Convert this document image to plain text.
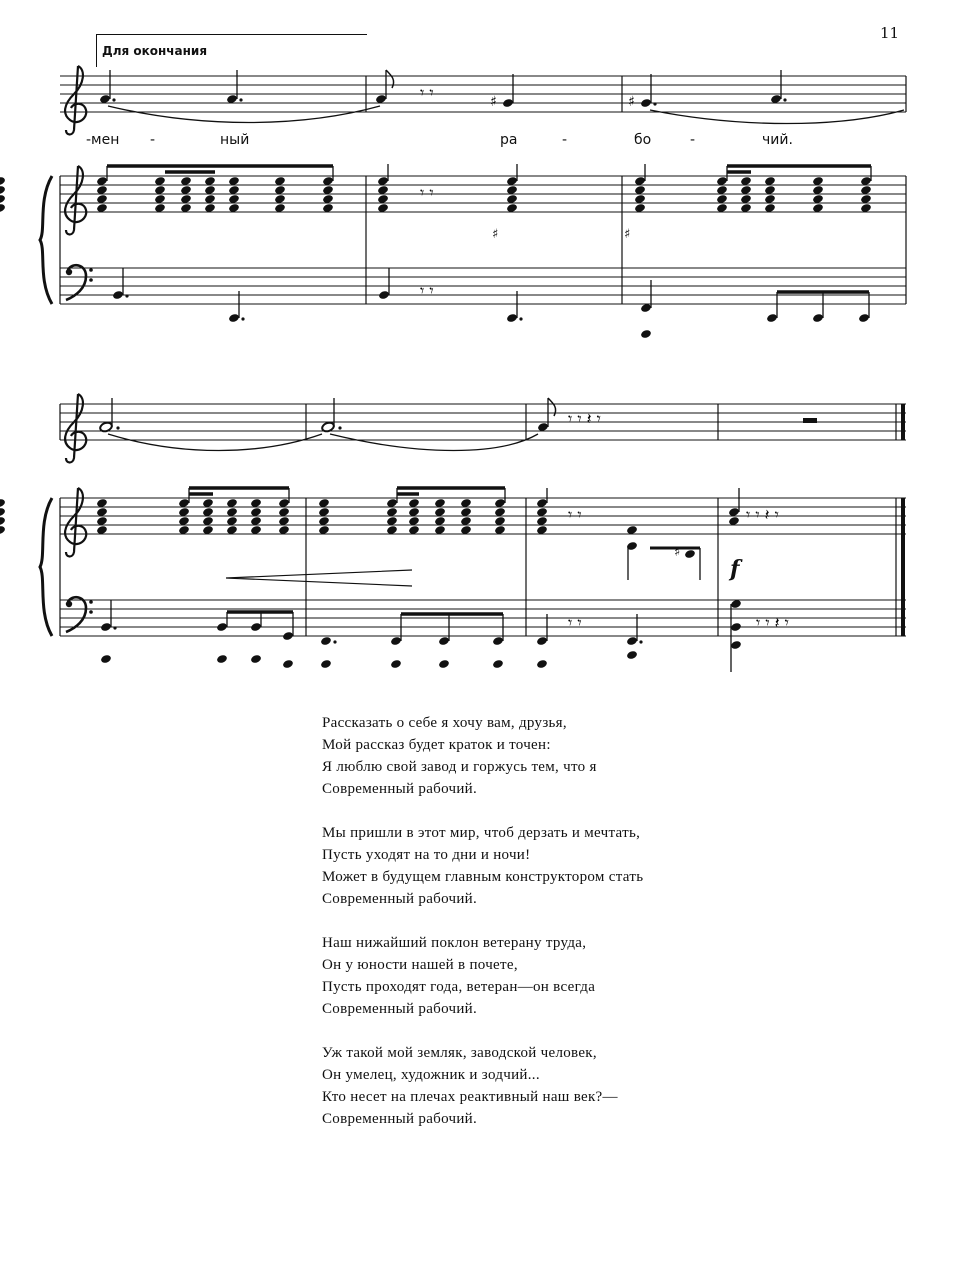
11
Для окончания
𝄾 𝄾	♯	♯
𝄾 𝄾
♯	♯
𝄾 𝄾
𝄾 𝄾 𝄽 𝄾
𝄾 𝄾	𝄾 𝄾 𝄽 𝄾
♯
𝄾 𝄾	𝄾 𝄾 𝄽 𝄾
-мен -	ный	ра	-	бо	-	чий.
f
Рассказать о себе я хочу вам, друзья,
Мой рассказ будет краток и точен:
Я люблю свой завод и горжусь тем, что я
Современный рабочий.
Мы пришли в этот мир, чтоб дерзать и мечтать,
Пусть уходят на то дни и ночи!
Может в будущем главным конструктором стать
Современный рабочий.
Наш нижайший поклон ветерану труда,
Он у юности нашей в почете,
Пусть проходят года, ветеран—он всегда
Современный рабочий.
Уж такой мой земляк, заводской человек,
Он умелец, художник и зодчий...
Кто несет на плечах реактивный наш век?—
Современный рабочий.
